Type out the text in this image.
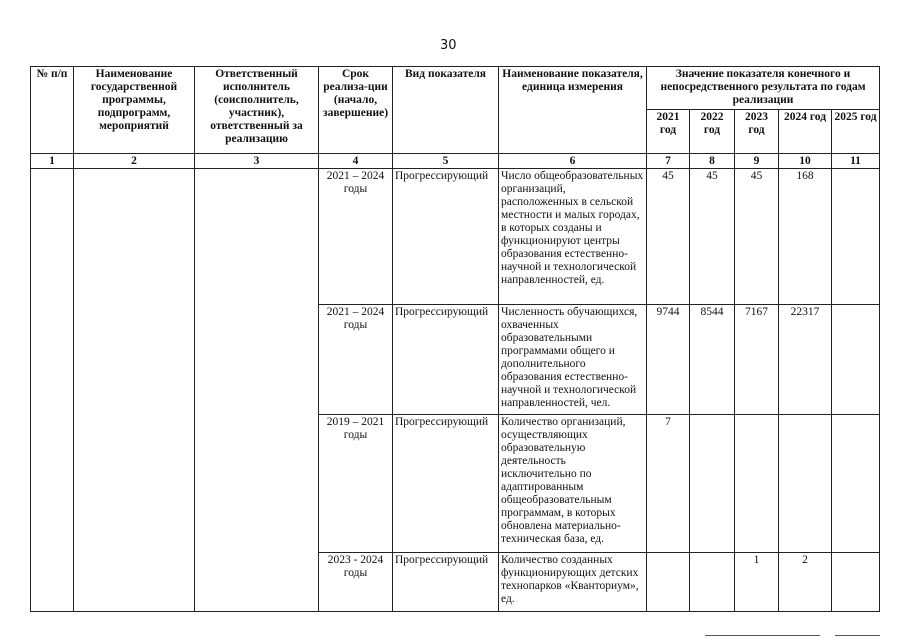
30
№ п/п	Наименование государственной программы, подпрограмм, мероприятий	Ответственный исполнитель (соисполнитель, участник), ответственный за реализацию	Срок реализа-ции (начало, завершение)	Вид показателя	Наименование показателя, единица измерения	Значение показателя конечного и непосредственного результата по годам реализации				
						2021 год	2022 год	2023 год	2024 год	2025 год
1	2	3	4	5	6	7	8	9	10	11
			2021 – 2024 годы	Прогрессирующий	Число общеобразовательных организаций, расположенных в сельской местности и малых городах, в которых созданы и функционируют центры образования естественно-научной и технологической направленностей, ед.	45	45	45	168	
			2021 – 2024 годы	Прогрессирующий	Численность обучающихся, охваченных образовательными программами общего и дополнительного образования естественно-научной и технологической направленностей, чел.	9744	8544	7167	22317	
			2019 – 2021 годы	Прогрессирующий	Количество организаций, осуществляющих образовательную деятельность исключительно по адаптированным общеобразовательным программам, в которых обновлена материально-техническая база, ед.	7				
			2023 - 2024 годы	Прогрессирующий	Количество созданных функционирующих детских технопарков «Кванториум», ед.			1	2	
